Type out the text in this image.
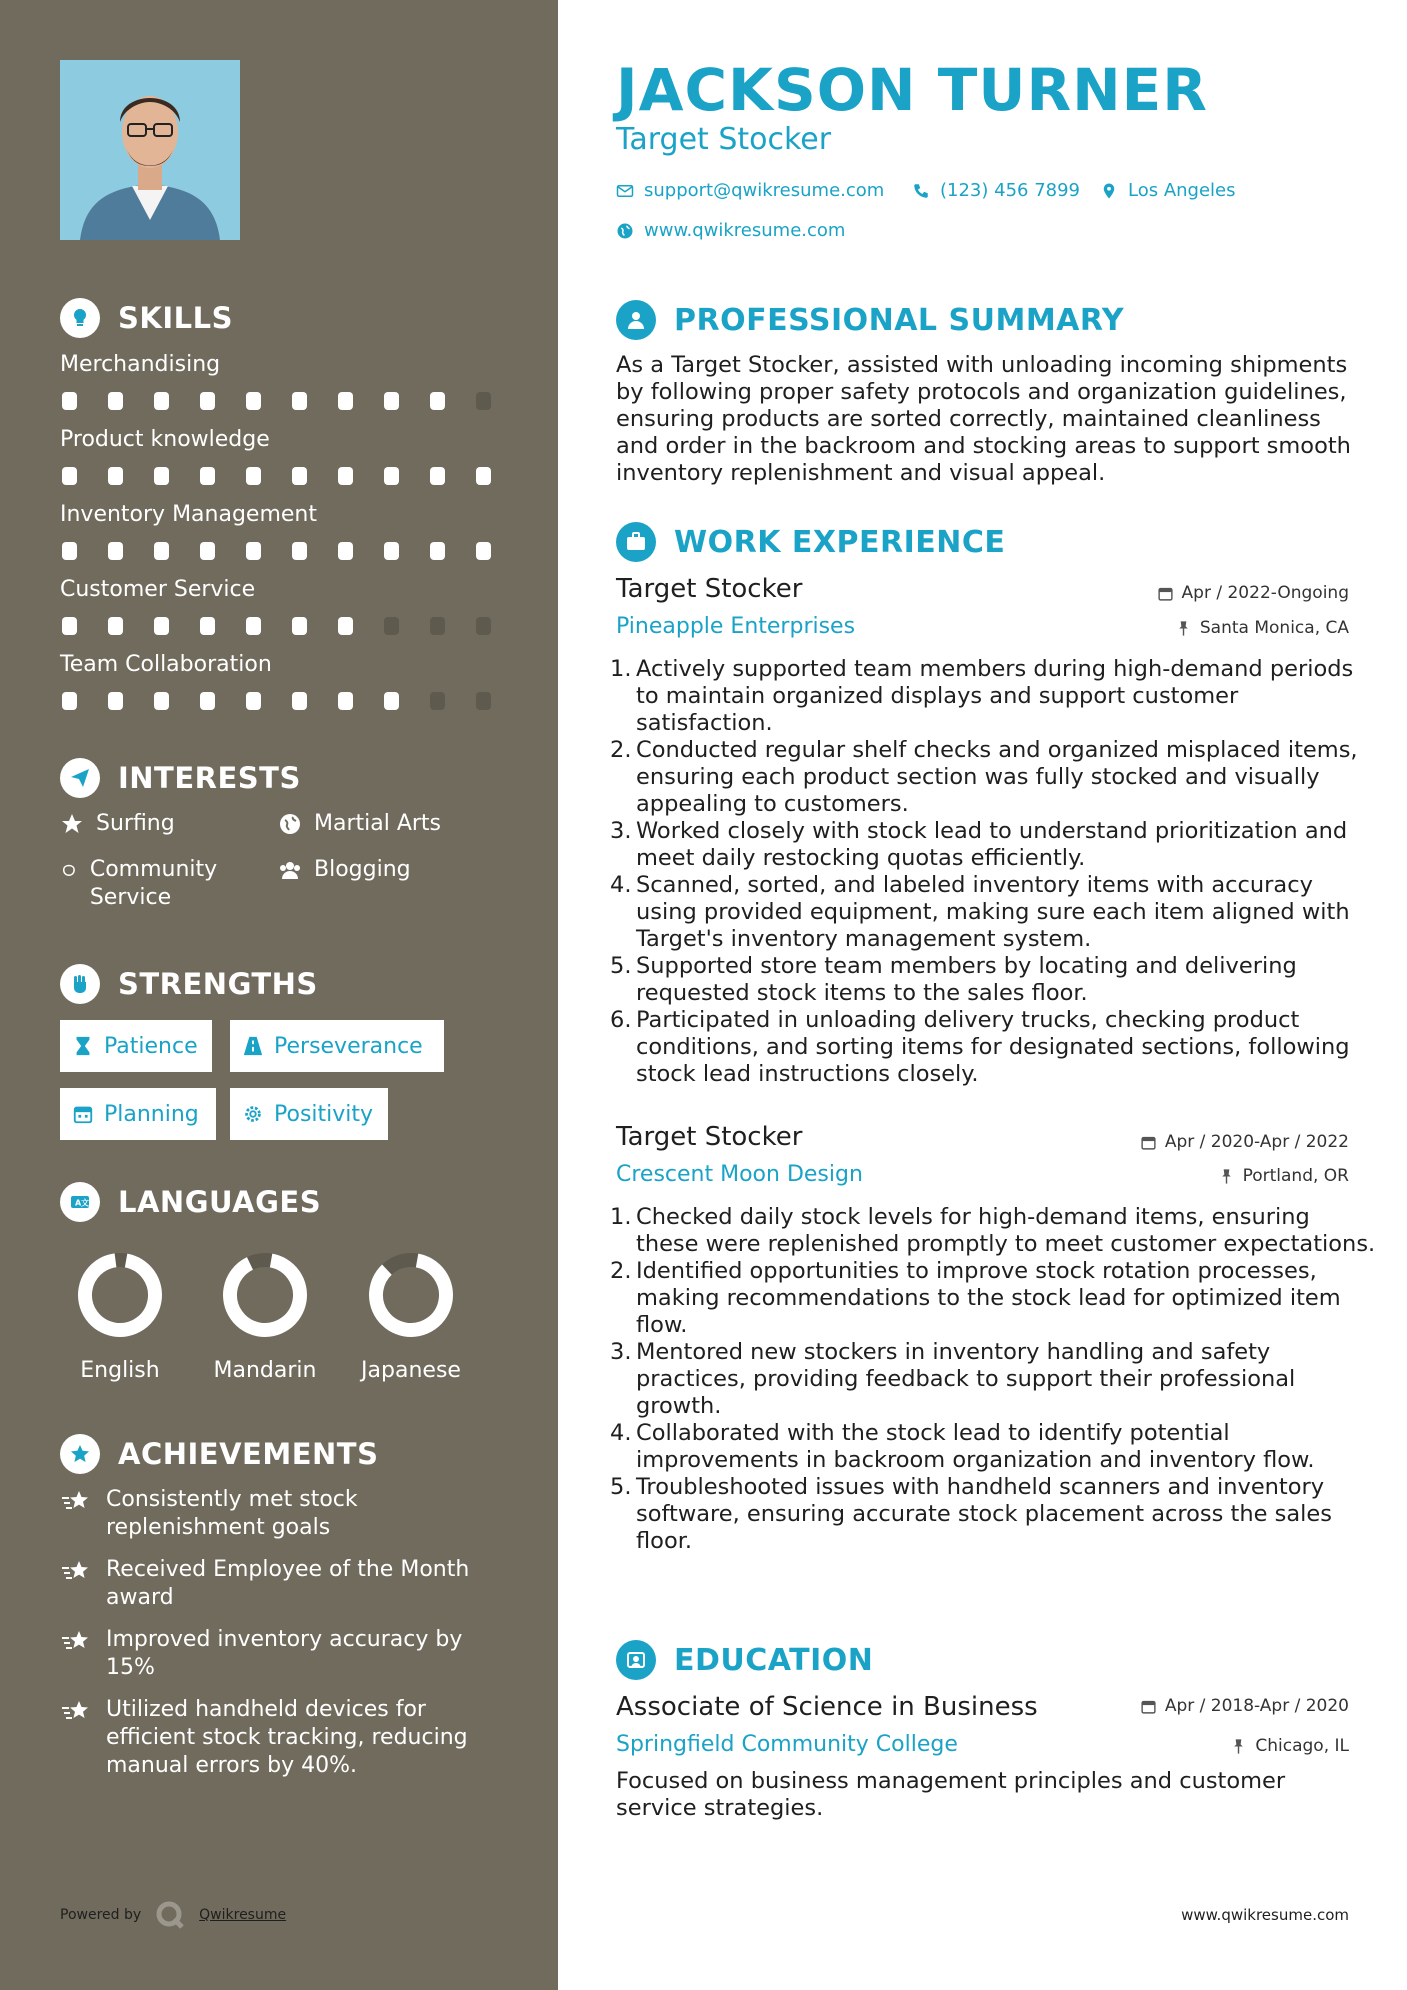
SKILLS
Merchandising
Product knowledge
Inventory Management
Customer Service
Team Collaboration
INTERESTS
Surfing	Martial Arts
Community Service
Blogging
STRENGTHS
Patience	Perseverance
Planning	Positivity
A 文 LANGUAGES
English	Mandarin	Japanese
ACHIEVEMENTS
Consistently met stock replenishment goals
Received Employee of the Month award
Improved inventory accuracy by 15%
Utilized handheld devices for efficient stock tracking, reducing manual errors by 40%.
Powered by	Qwikresume
JACKSON TURNER
Target Stocker
support@qwikresume.com	(123) 456 7899	Los Angeles
www.qwikresume.com
PROFESSIONAL SUMMARY

As a Target Stocker, assisted with unloading incoming shipments by following proper safety protocols and organization guidelines, ensuring products are sorted correctly, maintained cleanliness and order in the backroom and stocking areas to support smooth inventory replenishment and visual appeal.

WORK EXPERIENCE
Target Stocker	Apr / 2022-Ongoing
Pineapple Enterprises	Santa Monica, CA
1. Actively supported team members during high-demand periods to maintain organized displays and support customer satisfaction.
2. Conducted regular shelf checks and organized misplaced items, ensuring each product section was fully stocked and visually appealing to customers.
3. Worked closely with stock lead to understand prioritization and meet daily restocking quotas efficiently.
4. Scanned, sorted, and labeled inventory items with accuracy using provided equipment, making sure each item aligned with Target's inventory management system.
5. Supported store team members by locating and delivering requested stock items to the sales floor.
6. Participated in unloading delivery trucks, checking product conditions, and sorting items for designated sections, following stock lead instructions closely.
Target Stocker	Apr / 2020-Apr / 2022
Crescent Moon Design	Portland, OR
1. Checked daily stock levels for high-demand items, ensuring these were replenished promptly to meet customer expectations.
2. Identified opportunities to improve stock rotation processes, making recommendations to the stock lead for optimized item flow.
3. Mentored new stockers in inventory handling and safety practices, providing feedback to support their professional growth.
4. Collaborated with the stock lead to identify potential improvements in backroom organization and inventory flow.
5. Troubleshooted issues with handheld scanners and inventory software, ensuring accurate stock placement across the sales floor.
EDUCATION
Associate of Science in Business	Apr / 2018-Apr / 2020
Springfield Community College	Chicago, IL

Focused on business management principles and customer service strategies.

www.qwikresume.com
